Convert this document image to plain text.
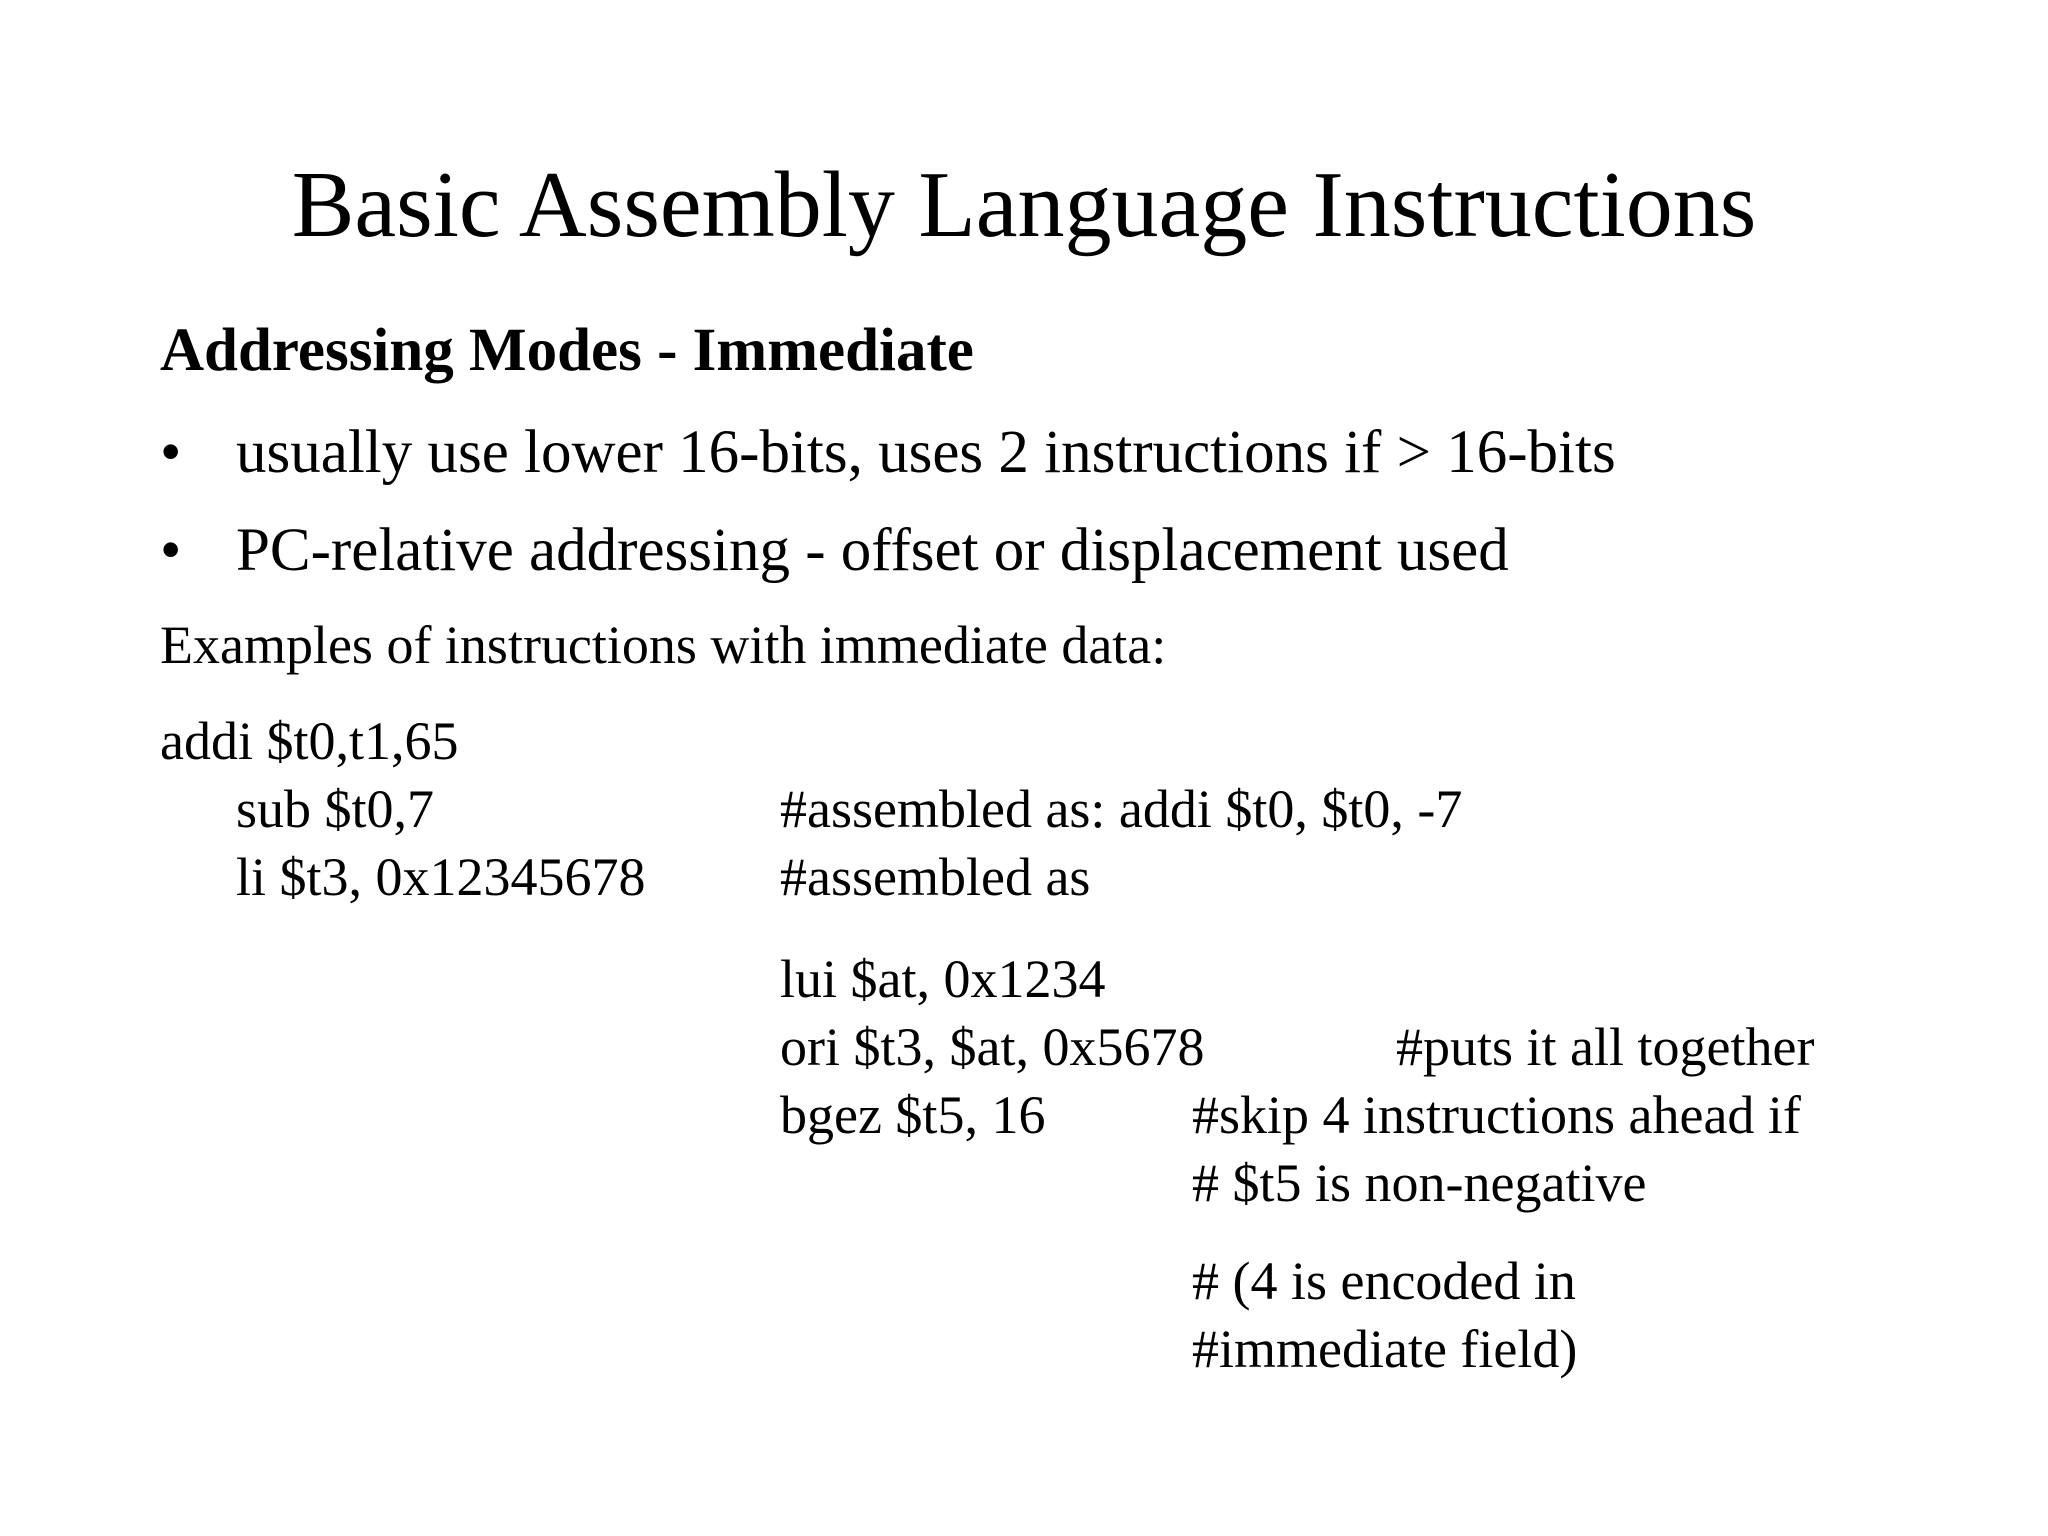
Basic Assembly Language Instructions
Addressing Modes - Immediate
• usually use lower 16-bits, uses 2 instructions if > 16-bits
• PC-relative addressing - offset or displacement used
Examples of instructions with immediate data:
addi $t0,t1,65
sub $t0,7	#assembled as: addi $t0, $t0, -7
li $t3, 0x12345678 #assembled as
lui $at, 0x1234
ori $t3, $at, 0x5678	#puts it all together
bgez $t5, 16	#skip 4 instructions ahead if
# $t5 is non-negative
# (4 is encoded in
#immediate field)
